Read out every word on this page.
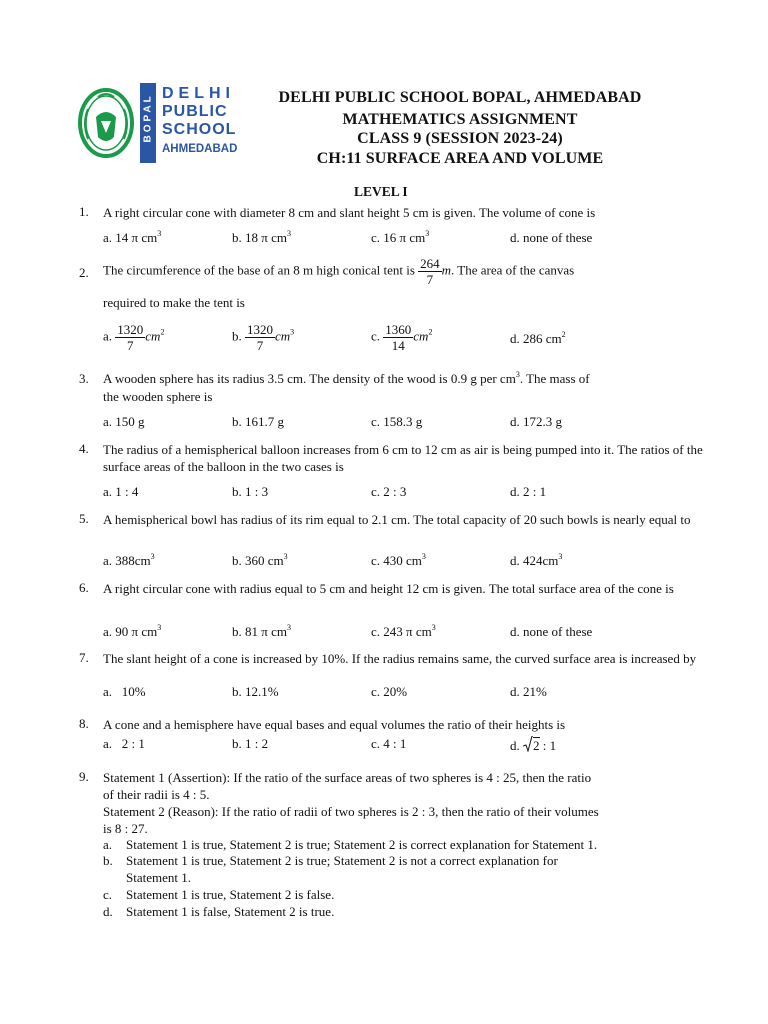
BOPAL DELHI
PUBLIC
SCHOOL
AHMEDABAD
DELHI PUBLIC SCHOOL BOPAL, AHMEDABAD
MATHEMATICS ASSIGNMENT
CLASS 9 (SESSION 2023-24)
CH:11 SURFACE AREA AND VOLUME
LEVEL I
1. A right circular cone with diameter 8 cm and slant height 5 cm is given. The volume of cone is
a. 14 π $cm^3$	b. 18 π $cm^3$	c. 16 π $cm^3$	d. none of these
2. The circumference of the base of an 8 m high conical tent is $\frac{264}{7} m$. The area of the canvas
required to make the tent is
a. $\frac{1320}{7} cm^2$	b. $\frac{1320}{7} cm^3$	c. $\frac{1360}{14} cm^2$	d. 286 $cm^2$
3. A wooden sphere has its radius 3.5 cm. The density of the wood is 0.9 g per $cm^3$. The mass of
the wooden sphere is
a. 150 g	b. 161.7 g	c. 158.3 g	d. 172.3 g
4. The radius of a hemispherical balloon increases from 6 cm to 12 cm as air is being pumped into it. The ratios of the surface areas of the balloon in the two cases is
a. 1 : 4	b. 1 : 3	c. 2 : 3	d. 2 : 1
5. A hemispherical bowl has radius of its rim equal to 2.1 cm. The total capacity of 20 such bowls is nearly equal to
a. $388cm^3$	b. 360 $cm^3$	c. 430 $cm^3$	d. $424cm^3$
6. A right circular cone with radius equal to 5 cm and height 12 cm is given. The total surface area of the cone is
a. 90 π $cm^3$	b. 81 π $cm^3$	c. 243 π $cm^3$	d. none of these
7. The slant height of a cone is increased by 10%. If the radius remains same, the curved surface area is increased by
a.   10%	b. 12.1%	c. 20%	d. 21%
8. A cone and a hemisphere have equal bases and equal volumes the ratio of their heights is
a.   2 : 1	b. 1 : 2	c. 4 : 1	d. 2 : 1
9. Statement 1 (Assertion): If the ratio of the surface areas of two spheres is 4 : 25, then the ratio
of their radii is 4 : 5.
Statement 2 (Reason): If the ratio of radii of two spheres is 2 : 3, then the ratio of their volumes
is 8 : 27.
a. Statement 1 is true, Statement 2 is true; Statement 2 is correct explanation for Statement 1.
b. Statement 1 is true, Statement 2 is true; Statement 2 is not a correct explanation for
Statement 1.
c. Statement 1 is true, Statement 2 is false.
d. Statement 1 is false, Statement 2 is true.
